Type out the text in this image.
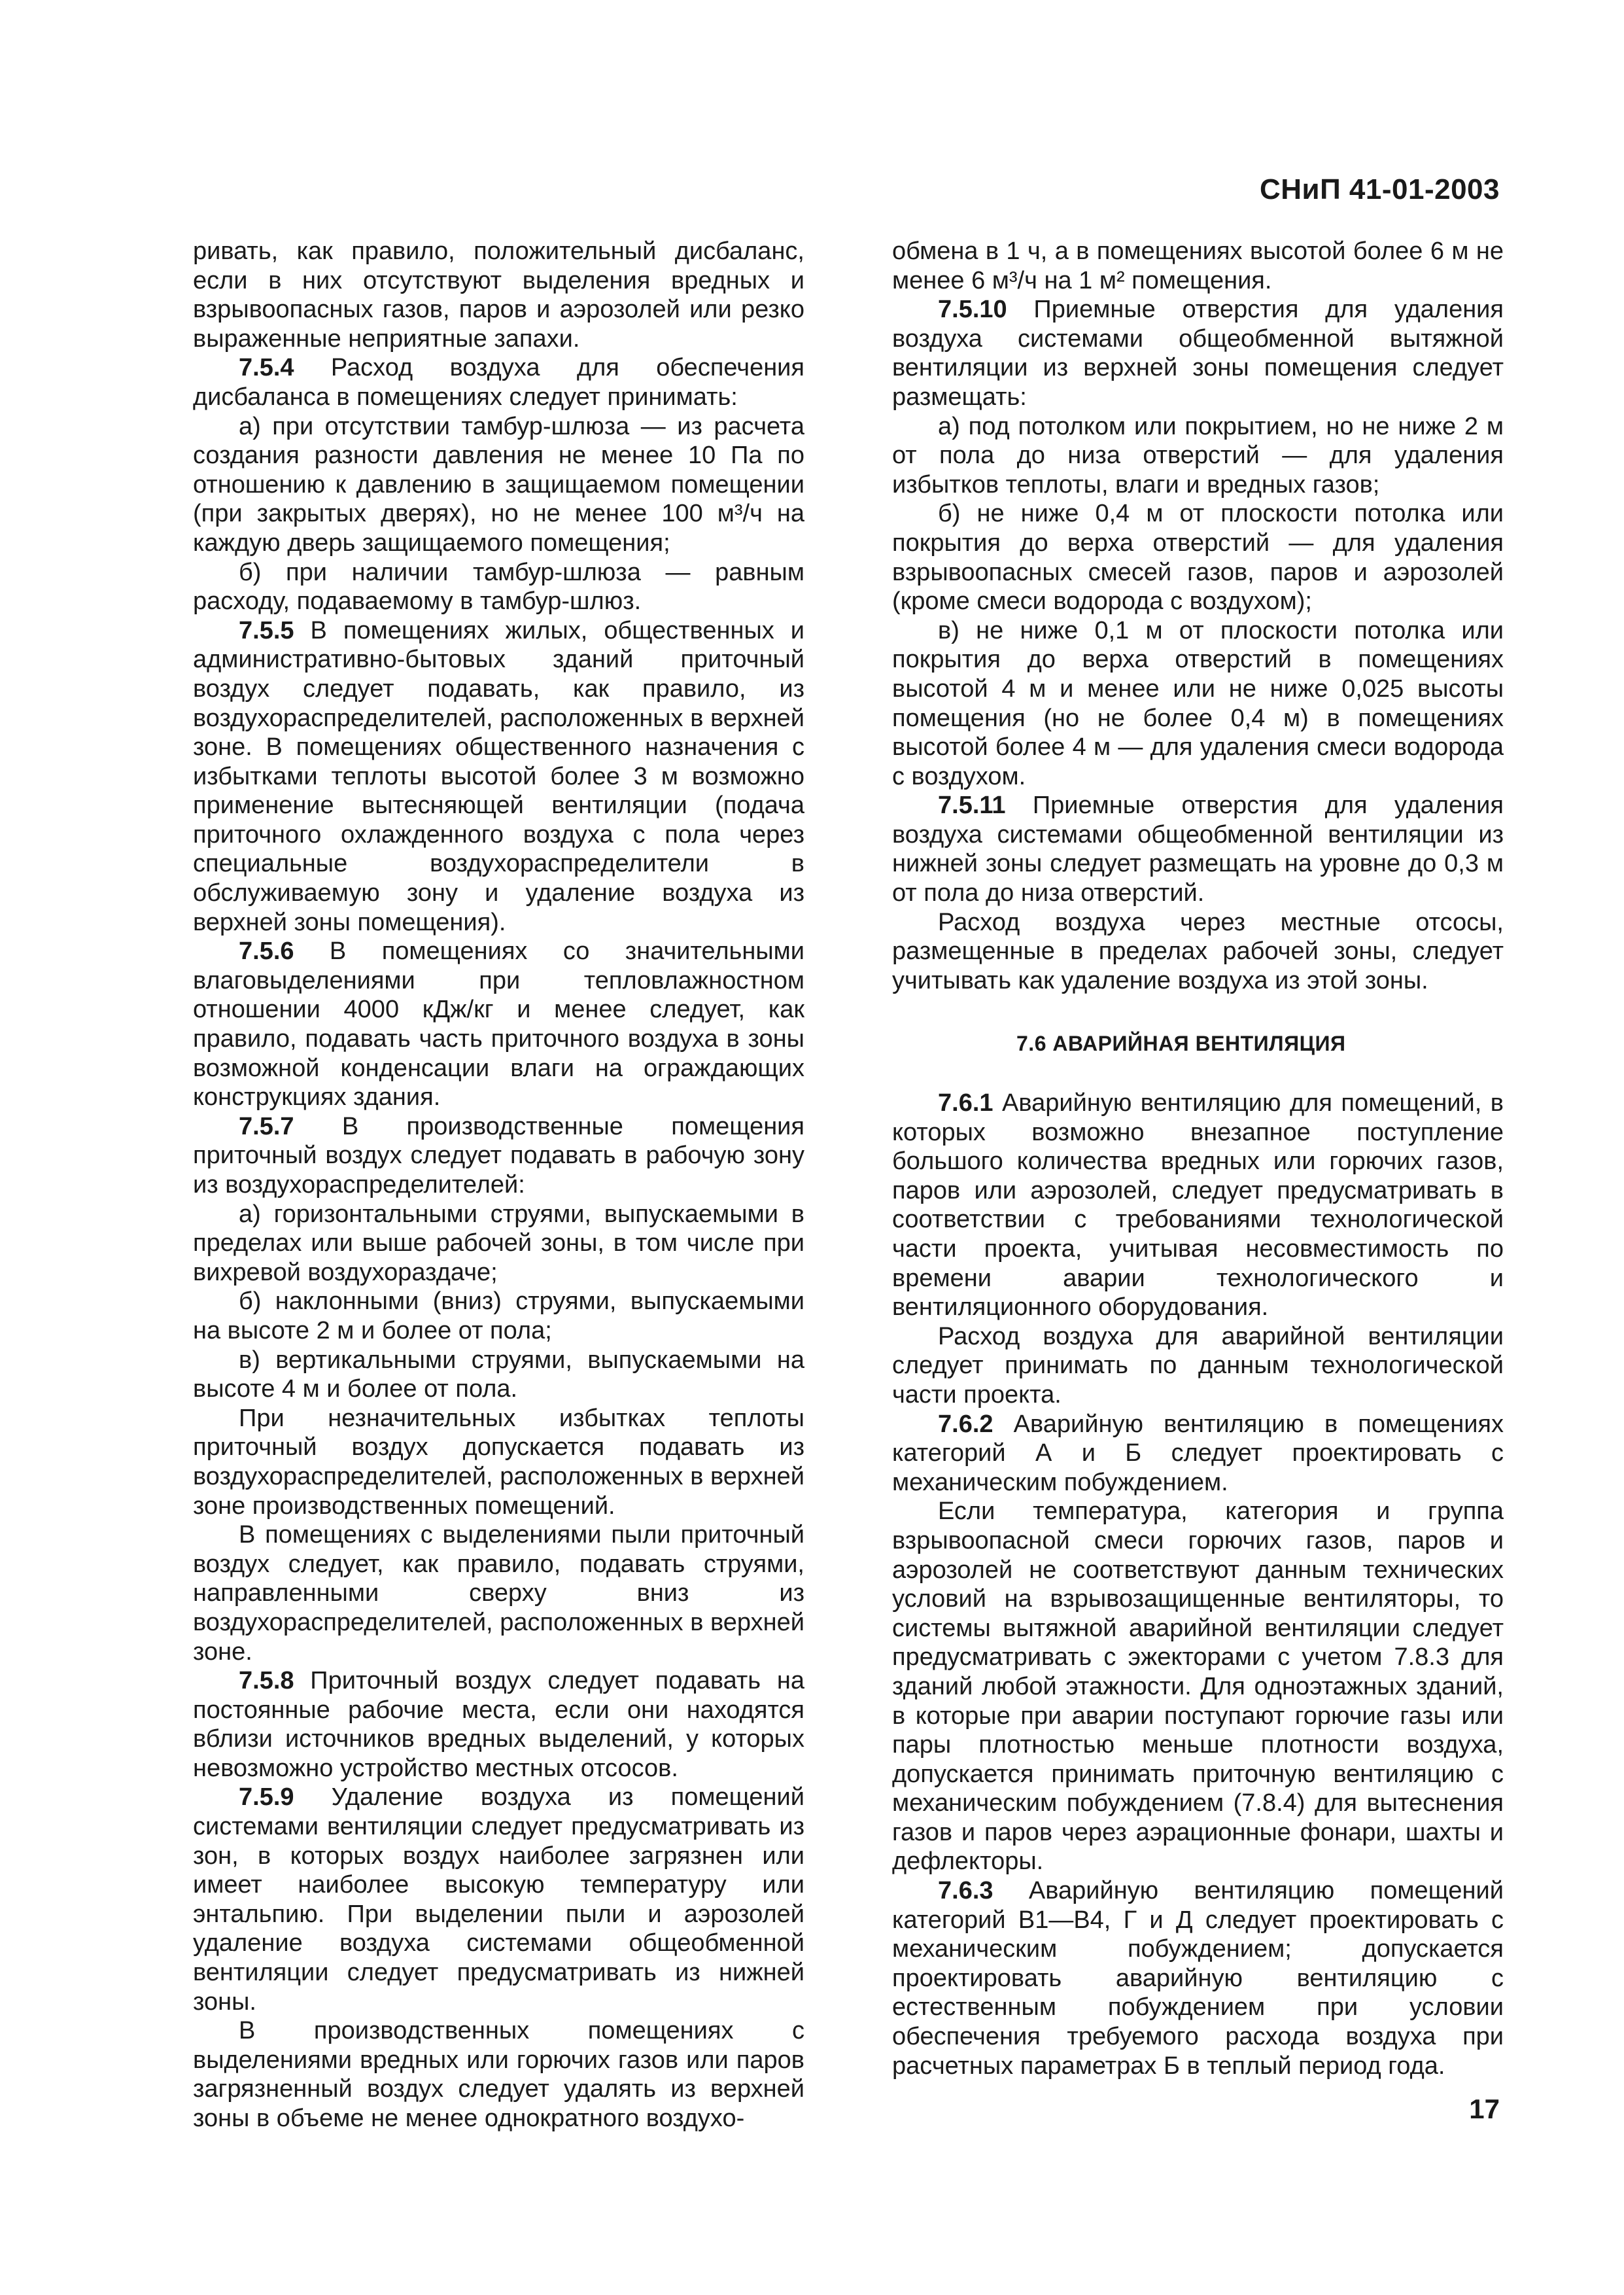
СНиП 41-01-2003

ривать, как правило, положительный дисбаланс, если в них отсутствуют выделения вредных и взрывоопасных газов, паров и аэрозолей или резко выраженные неприятные запахи.

7.5.4 Расход воздуха для обеспечения дисбаланса в помещениях следует принимать:

а) при отсутствии тамбур-шлюза — из расчета создания разности давления не менее 10 Па по отношению к давлению в защищаемом помещении (при закрытых дверях), но не менее 100 м³/ч на каждую дверь защищаемого помещения;

б) при наличии тамбур-шлюза — равным расходу, подаваемому в тамбур-шлюз.

7.5.5 В помещениях жилых, общественных и административно-бытовых зданий приточный воздух следует подавать, как правило, из воздухораспределителей, расположенных в верхней зоне. В помещениях общественного назначения с избытками теплоты высотой более 3 м возможно применение вытесняющей вентиляции (подача приточного охлажденного воздуха с пола через специальные воздухораспределители в обслуживаемую зону и удаление воздуха из верхней зоны помещения).

7.5.6 В помещениях со значительными влаговыделениями при тепловлажностном отношении 4000 кДж/кг и менее следует, как правило, подавать часть приточного воздуха в зоны возможной конденсации влаги на ограждающих конструкциях здания.

7.5.7 В производственные помещения приточный воздух следует подавать в рабочую зону из воздухораспределителей:

а) горизонтальными струями, выпускаемыми в пределах или выше рабочей зоны, в том числе при вихревой воздухораздаче;

б) наклонными (вниз) струями, выпускаемыми на высоте 2 м и более от пола;

в) вертикальными струями, выпускаемыми на высоте 4 м и более от пола.

При незначительных избытках теплоты приточный воздух допускается подавать из воздухораспределителей, расположенных в верхней зоне производственных помещений.

В помещениях с выделениями пыли приточный воздух следует, как правило, подавать струями, направленными сверху вниз из воздухораспределителей, расположенных в верхней зоне.

7.5.8 Приточный воздух следует подавать на постоянные рабочие места, если они находятся вблизи источников вредных выделений, у которых невозможно устройство местных отсосов.

7.5.9 Удаление воздуха из помещений системами вентиляции следует предусматривать из зон, в которых воздух наиболее загрязнен или имеет наиболее высокую температуру или энтальпию. При выделении пыли и аэрозолей удаление воздуха системами общеобменной вентиляции следует предусматривать из нижней зоны.

В производственных помещениях с выделениями вредных или горючих газов или паров загрязненный воздух следует удалять из верхней зоны в объеме не менее однократного воздухо-

обмена в 1 ч, а в помещениях высотой более 6 м не менее 6 м³/ч на 1 м² помещения.

7.5.10 Приемные отверстия для удаления воздуха системами общеобменной вытяжной вентиляции из верхней зоны помещения следует размещать:

а) под потолком или покрытием, но не ниже 2 м от пола до низа отверстий — для удаления избытков теплоты, влаги и вредных газов;

б) не ниже 0,4 м от плоскости потолка или покрытия до верха отверстий — для удаления взрывоопасных смесей газов, паров и аэрозолей (кроме смеси водорода с воздухом);

в) не ниже 0,1 м от плоскости потолка или покрытия до верха отверстий в помещениях высотой 4 м и менее или не ниже 0,025 высоты помещения (но не более 0,4 м) в помещениях высотой более 4 м — для удаления смеси водорода с воздухом.

7.5.11 Приемные отверстия для удаления воздуха системами общеобменной вентиляции из нижней зоны следует размещать на уровне до 0,3 м от пола до низа отверстий.

Расход воздуха через местные отсосы, размещенные в пределах рабочей зоны, следует учитывать как удаление воздуха из этой зоны.

7.6 АВАРИЙНАЯ ВЕНТИЛЯЦИЯ

7.6.1 Аварийную вентиляцию для помещений, в которых возможно внезапное поступление большого количества вредных или горючих газов, паров или аэрозолей, следует предусматривать в соответствии с требованиями технологической части проекта, учитывая несовместимость по времени аварии технологического и вентиляционного оборудования.

Расход воздуха для аварийной вентиляции следует принимать по данным технологической части проекта.

7.6.2 Аварийную вентиляцию в помещениях категорий А и Б следует проектировать с механическим побуждением.

Если температура, категория и группа взрывоопасной смеси горючих газов, паров и аэрозолей не соответствуют данным технических условий на взрывозащищенные вентиляторы, то системы вытяжной аварийной вентиляции следует предусматривать с эжекторами с учетом 7.8.3 для зданий любой этажности. Для одноэтажных зданий, в которые при аварии поступают горючие газы или пары плотностью меньше плотности воздуха, допускается принимать приточную вентиляцию с механическим побуждением (7.8.4) для вытеснения газов и паров через аэрационные фонари, шахты и дефлекторы.

7.6.3 Аварийную вентиляцию помещений категорий В1—В4, Г и Д следует проектировать с механическим побуждением; допускается проектировать аварийную вентиляцию с естественным побуждением при условии обеспечения требуемого расхода воздуха при расчетных параметрах Б в теплый период года.

17
